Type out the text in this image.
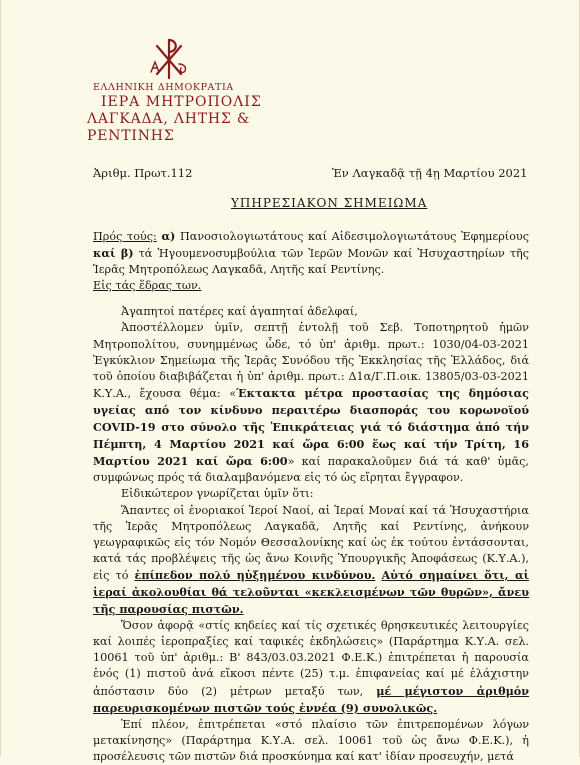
ΕΛΛΗΝΙΚΗ ΔΗΜΟΚΡΑΤΙΑ
ΙΕΡΑ ΜΗΤΡΟΠΟΛΙΣ
ΛΑΓΚΑΔΑ, ΛΗΤΗΣ & ΡΕΝΤΙΝΗΣ
Ἀριθμ. Πρωτ.112	Ἐν Λαγκαδᾷ τῇ 4ῃ Μαρτίου 2021
ΥΠΗΡΕΣΙΑΚΟΝ ΣΗΜΕΙΩΜΑ

Πρός τούς: α) Πανοσιολογιωτάτους καί Αἰδεσιμολογιωτάτους Ἐφημερίους καί β) τά Ἡγουμενοσυμβούλια τῶν Ἱερῶν Μονῶν καί Ἡσυχαστηρίων τῆς Ἱερᾶς Μητροπόλεως Λαγκαδᾶ, Λητῆς καί Ρεντίνης.

Εἰς τάς ἕδρας των.

Ἀγαπητοί πατέρες καί ἀγαπηταί ἀδελφαί,

Ἀποστέλλομεν ὑμῖν, σεπτῇ ἐντολῇ τοῦ Σεβ. Τοποτηρητοῦ ἡμῶν Μητροπολίτου, συνημμένως ὧδε, τό ὑπ' ἀριθμ. πρωτ.: 1030/04-03-2021 Ἐγκύκλιον Σημείωμα τῆς Ἱερᾶς Συνόδου τῆς Ἐκκλησίας τῆς Ἑλλάδος, διά τοῦ ὁποίου διαβιβάζεται ἡ ὑπ' ἀριθμ. πρωτ.: Δ1α/Γ.Π.οικ. 13805/03-03-2021 Κ.Υ.Α., ἔχουσα θέμα: «Έκτακτα μέτρα προστασίας της δημόσιας υγείας από τον κίνδυνο περαιτέρω διασποράς του κορωνοϊού COVID-19 στο σύνολο τῆς Ἐπικράτειας γιά τό διάστημα ἀπό τήν Πέμπτη, 4 Μαρτίου 2021 καί ὥρα 6:00 ἕως καί τήν Τρίτη, 16 Μαρτίου 2021 καί ὥρα 6:00» καί παρακαλοῦμεν διά τά καθ' ὑμᾶς, συμφώνως πρός τά διαλαμβανόμενα εἰς τό ὡς εἴρηται ἔγγραφον.

Εἰδικώτερον γνωρίζεται ὑμῖν ὅτι:

Ἅπαντες οἱ ἐνοριακοί Ἱεροί Ναοί, αἱ Ἱεραί Μοναί καί τά Ἡσυχαστήρια τῆς Ἱερᾶς Μητροπόλεως Λαγκαδᾶ, Λητῆς καί Ρεντίνης, ἀνήκουν γεωγραφικῶς εἰς τόν Νομόν Θεσσαλονίκης καί ὡς ἐκ τούτου ἐντάσσονται, κατά τάς προβλέψεις τῆς ὡς ἄνω Κοινῆς Ὑπουργικῆς Ἀποφάσεως (Κ.Υ.Α.), εἰς τό ἐπίπεδον πολύ ηὐξημένου κινδύνου. Αὐτό σημαίνει ὅτι, αἱ ἱεραί ἀκολουθίαι θά τελοῦνται «κεκλεισμένων τῶν θυρῶν», ἄνευ τῆς παρουσίας πιστῶν.

Ὅσον ἀφορᾷ «στίς κηδείες καί τίς σχετικές θρησκευτικές λειτουργίες καί λοιπές ἱεροπραξίες καί ταφικές ἐκδηλώσεις» (Παράρτημα Κ.Υ.Α. σελ. 10061 τοῦ ὑπ' ἀριθμ.: Β' 843/03.03.2021 Φ.Ε.Κ.) ἐπιτρέπεται ἡ παρουσία ἑνός (1) πιστοῦ ἀνά εἴκοσι πέντε (25) τ.μ. ἐπιφανείας καί μέ ἐλάχιστην ἀπόστασιν δύο (2) μέτρων μεταξύ των, μέ μέγιστον ἀριθμόν παρευρισκομένων πιστῶν τούς ἐννέα (9) συνολικῶς.

Ἐπί πλέον, ἐπιτρέπεται «στό πλαίσιο τῶν ἐπιτρεπομένων λόγων μετακίνησης» (Παράρτημα Κ.Υ.Α. σελ. 10061 τοῦ ὡς ἄνω Φ.Ε.Κ.), ἡ προσέλευσις τῶν πιστῶν διά προσκύνημα καί κατ' ἰδίαν προσευχήν, μετά
